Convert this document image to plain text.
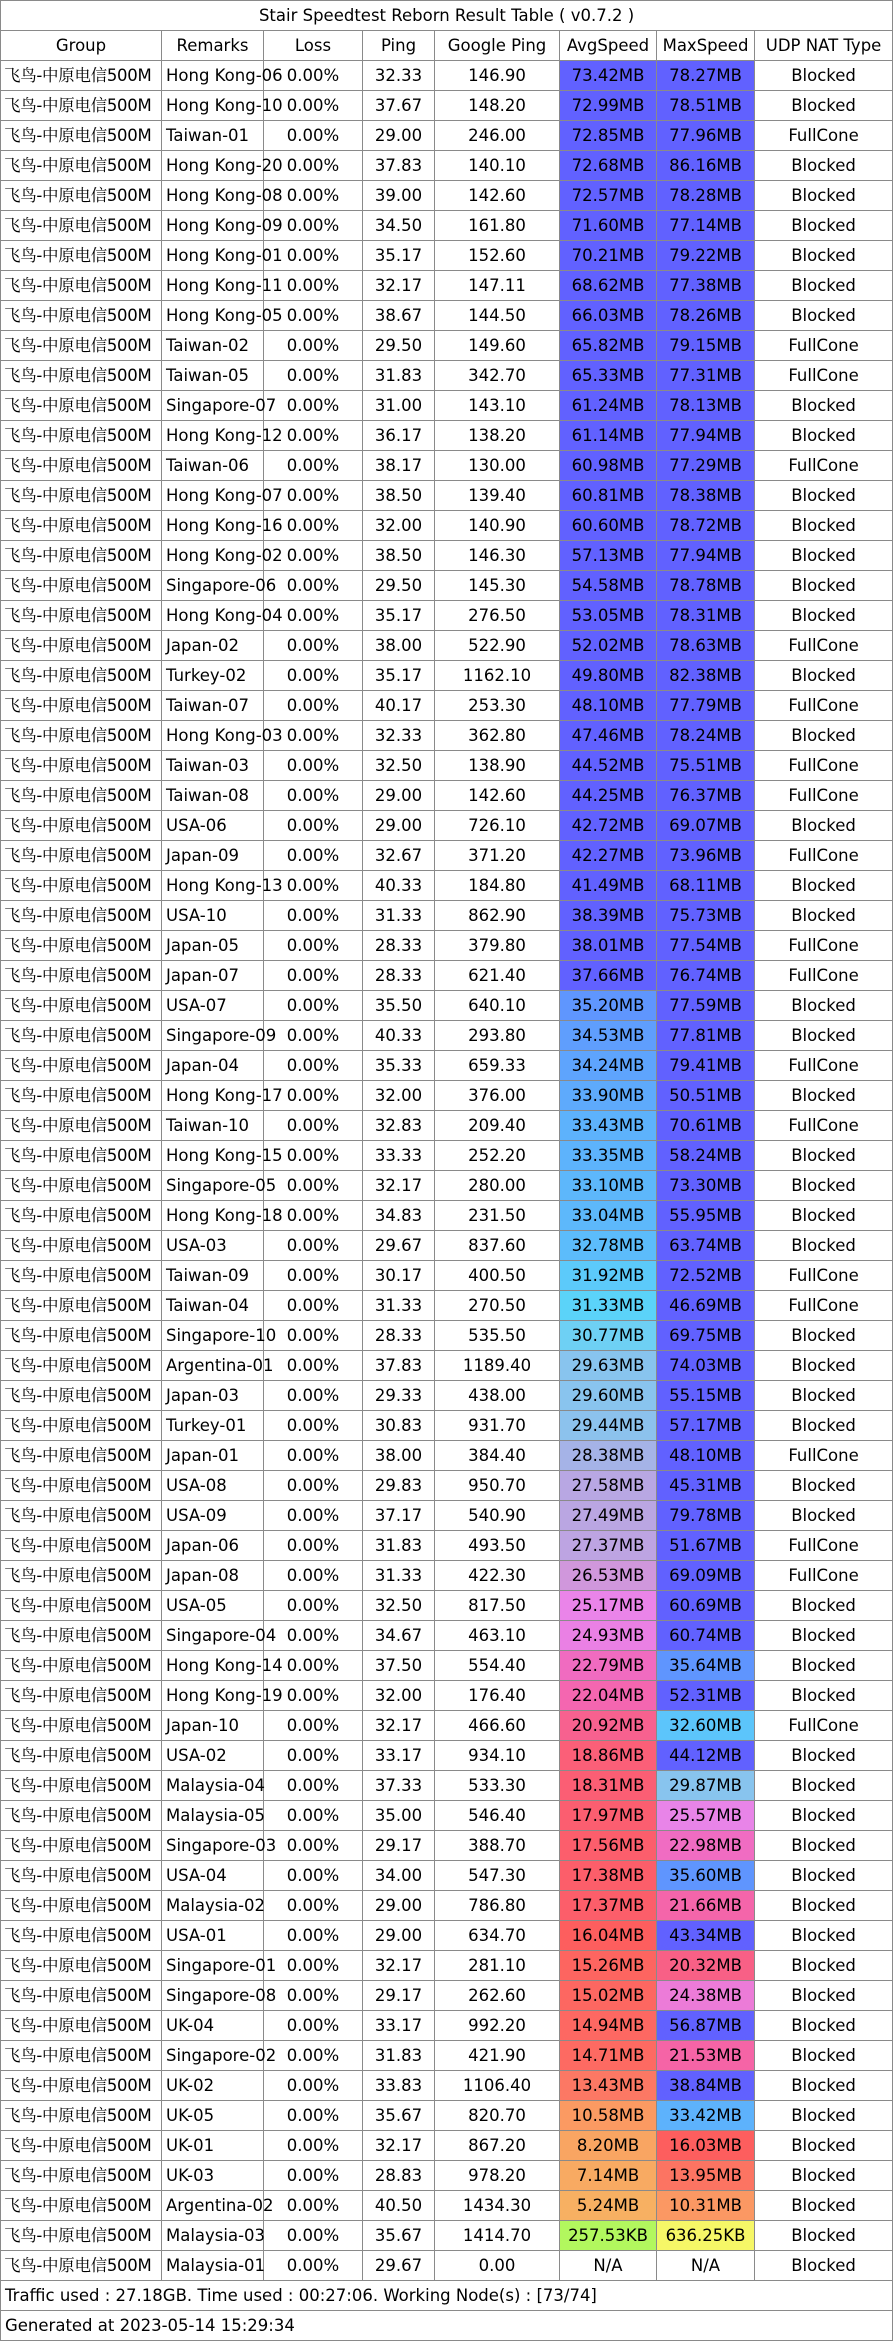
Stair Speedtest Reborn Result Table ( v0.7.2 )							
Group	Remarks	Loss	Ping	Google Ping	AvgSpeed	MaxSpeed	UDP NAT Type
飞鸟-中原电信500M	Hong Kong-06	0.00%	32.33	146.90	73.42MB	78.27MB	Blocked
飞鸟-中原电信500M	Hong Kong-10	0.00%	37.67	148.20	72.99MB	78.51MB	Blocked
飞鸟-中原电信500M	Taiwan-01	0.00%	29.00	246.00	72.85MB	77.96MB	FullCone
飞鸟-中原电信500M	Hong Kong-20	0.00%	37.83	140.10	72.68MB	86.16MB	Blocked
飞鸟-中原电信500M	Hong Kong-08	0.00%	39.00	142.60	72.57MB	78.28MB	Blocked
飞鸟-中原电信500M	Hong Kong-09	0.00%	34.50	161.80	71.60MB	77.14MB	Blocked
飞鸟-中原电信500M	Hong Kong-01	0.00%	35.17	152.60	70.21MB	79.22MB	Blocked
飞鸟-中原电信500M	Hong Kong-11	0.00%	32.17	147.11	68.62MB	77.38MB	Blocked
飞鸟-中原电信500M	Hong Kong-05	0.00%	38.67	144.50	66.03MB	78.26MB	Blocked
飞鸟-中原电信500M	Taiwan-02	0.00%	29.50	149.60	65.82MB	79.15MB	FullCone
飞鸟-中原电信500M	Taiwan-05	0.00%	31.83	342.70	65.33MB	77.31MB	FullCone
飞鸟-中原电信500M	Singapore-07	0.00%	31.00	143.10	61.24MB	78.13MB	Blocked
飞鸟-中原电信500M	Hong Kong-12	0.00%	36.17	138.20	61.14MB	77.94MB	Blocked
飞鸟-中原电信500M	Taiwan-06	0.00%	38.17	130.00	60.98MB	77.29MB	FullCone
飞鸟-中原电信500M	Hong Kong-07	0.00%	38.50	139.40	60.81MB	78.38MB	Blocked
飞鸟-中原电信500M	Hong Kong-16	0.00%	32.00	140.90	60.60MB	78.72MB	Blocked
飞鸟-中原电信500M	Hong Kong-02	0.00%	38.50	146.30	57.13MB	77.94MB	Blocked
飞鸟-中原电信500M	Singapore-06	0.00%	29.50	145.30	54.58MB	78.78MB	Blocked
飞鸟-中原电信500M	Hong Kong-04	0.00%	35.17	276.50	53.05MB	78.31MB	Blocked
飞鸟-中原电信500M	Japan-02	0.00%	38.00	522.90	52.02MB	78.63MB	FullCone
飞鸟-中原电信500M	Turkey-02	0.00%	35.17	1162.10	49.80MB	82.38MB	Blocked
飞鸟-中原电信500M	Taiwan-07	0.00%	40.17	253.30	48.10MB	77.79MB	FullCone
飞鸟-中原电信500M	Hong Kong-03	0.00%	32.33	362.80	47.46MB	78.24MB	Blocked
飞鸟-中原电信500M	Taiwan-03	0.00%	32.50	138.90	44.52MB	75.51MB	FullCone
飞鸟-中原电信500M	Taiwan-08	0.00%	29.00	142.60	44.25MB	76.37MB	FullCone
飞鸟-中原电信500M	USA-06	0.00%	29.00	726.10	42.72MB	69.07MB	Blocked
飞鸟-中原电信500M	Japan-09	0.00%	32.67	371.20	42.27MB	73.96MB	FullCone
飞鸟-中原电信500M	Hong Kong-13	0.00%	40.33	184.80	41.49MB	68.11MB	Blocked
飞鸟-中原电信500M	USA-10	0.00%	31.33	862.90	38.39MB	75.73MB	Blocked
飞鸟-中原电信500M	Japan-05	0.00%	28.33	379.80	38.01MB	77.54MB	FullCone
飞鸟-中原电信500M	Japan-07	0.00%	28.33	621.40	37.66MB	76.74MB	FullCone
飞鸟-中原电信500M	USA-07	0.00%	35.50	640.10	35.20MB	77.59MB	Blocked
飞鸟-中原电信500M	Singapore-09	0.00%	40.33	293.80	34.53MB	77.81MB	Blocked
飞鸟-中原电信500M	Japan-04	0.00%	35.33	659.33	34.24MB	79.41MB	FullCone
飞鸟-中原电信500M	Hong Kong-17	0.00%	32.00	376.00	33.90MB	50.51MB	Blocked
飞鸟-中原电信500M	Taiwan-10	0.00%	32.83	209.40	33.43MB	70.61MB	FullCone
飞鸟-中原电信500M	Hong Kong-15	0.00%	33.33	252.20	33.35MB	58.24MB	Blocked
飞鸟-中原电信500M	Singapore-05	0.00%	32.17	280.00	33.10MB	73.30MB	Blocked
飞鸟-中原电信500M	Hong Kong-18	0.00%	34.83	231.50	33.04MB	55.95MB	Blocked
飞鸟-中原电信500M	USA-03	0.00%	29.67	837.60	32.78MB	63.74MB	Blocked
飞鸟-中原电信500M	Taiwan-09	0.00%	30.17	400.50	31.92MB	72.52MB	FullCone
飞鸟-中原电信500M	Taiwan-04	0.00%	31.33	270.50	31.33MB	46.69MB	FullCone
飞鸟-中原电信500M	Singapore-10	0.00%	28.33	535.50	30.77MB	69.75MB	Blocked
飞鸟-中原电信500M	Argentina-01	0.00%	37.83	1189.40	29.63MB	74.03MB	Blocked
飞鸟-中原电信500M	Japan-03	0.00%	29.33	438.00	29.60MB	55.15MB	Blocked
飞鸟-中原电信500M	Turkey-01	0.00%	30.83	931.70	29.44MB	57.17MB	Blocked
飞鸟-中原电信500M	Japan-01	0.00%	38.00	384.40	28.38MB	48.10MB	FullCone
飞鸟-中原电信500M	USA-08	0.00%	29.83	950.70	27.58MB	45.31MB	Blocked
飞鸟-中原电信500M	USA-09	0.00%	37.17	540.90	27.49MB	79.78MB	Blocked
飞鸟-中原电信500M	Japan-06	0.00%	31.83	493.50	27.37MB	51.67MB	FullCone
飞鸟-中原电信500M	Japan-08	0.00%	31.33	422.30	26.53MB	69.09MB	FullCone
飞鸟-中原电信500M	USA-05	0.00%	32.50	817.50	25.17MB	60.69MB	Blocked
飞鸟-中原电信500M	Singapore-04	0.00%	34.67	463.10	24.93MB	60.74MB	Blocked
飞鸟-中原电信500M	Hong Kong-14	0.00%	37.50	554.40	22.79MB	35.64MB	Blocked
飞鸟-中原电信500M	Hong Kong-19	0.00%	32.00	176.40	22.04MB	52.31MB	Blocked
飞鸟-中原电信500M	Japan-10	0.00%	32.17	466.60	20.92MB	32.60MB	FullCone
飞鸟-中原电信500M	USA-02	0.00%	33.17	934.10	18.86MB	44.12MB	Blocked
飞鸟-中原电信500M	Malaysia-04	0.00%	37.33	533.30	18.31MB	29.87MB	Blocked
飞鸟-中原电信500M	Malaysia-05	0.00%	35.00	546.40	17.97MB	25.57MB	Blocked
飞鸟-中原电信500M	Singapore-03	0.00%	29.17	388.70	17.56MB	22.98MB	Blocked
飞鸟-中原电信500M	USA-04	0.00%	34.00	547.30	17.38MB	35.60MB	Blocked
飞鸟-中原电信500M	Malaysia-02	0.00%	29.00	786.80	17.37MB	21.66MB	Blocked
飞鸟-中原电信500M	USA-01	0.00%	29.00	634.70	16.04MB	43.34MB	Blocked
飞鸟-中原电信500M	Singapore-01	0.00%	32.17	281.10	15.26MB	20.32MB	Blocked
飞鸟-中原电信500M	Singapore-08	0.00%	29.17	262.60	15.02MB	24.38MB	Blocked
飞鸟-中原电信500M	UK-04	0.00%	33.17	992.20	14.94MB	56.87MB	Blocked
飞鸟-中原电信500M	Singapore-02	0.00%	31.83	421.90	14.71MB	21.53MB	Blocked
飞鸟-中原电信500M	UK-02	0.00%	33.83	1106.40	13.43MB	38.84MB	Blocked
飞鸟-中原电信500M	UK-05	0.00%	35.67	820.70	10.58MB	33.42MB	Blocked
飞鸟-中原电信500M	UK-01	0.00%	32.17	867.20	8.20MB	16.03MB	Blocked
飞鸟-中原电信500M	UK-03	0.00%	28.83	978.20	7.14MB	13.95MB	Blocked
飞鸟-中原电信500M	Argentina-02	0.00%	40.50	1434.30	5.24MB	10.31MB	Blocked
飞鸟-中原电信500M	Malaysia-03	0.00%	35.67	1414.70	257.53KB	636.25KB	Blocked
飞鸟-中原电信500M	Malaysia-01	0.00%	29.67	0.00	N/A	N/A	Blocked
Traffic used : 27.18GB. Time used : 00:27:06. Working Node(s) : [73/74]							
Generated at 2023-05-14 15:29:34							
